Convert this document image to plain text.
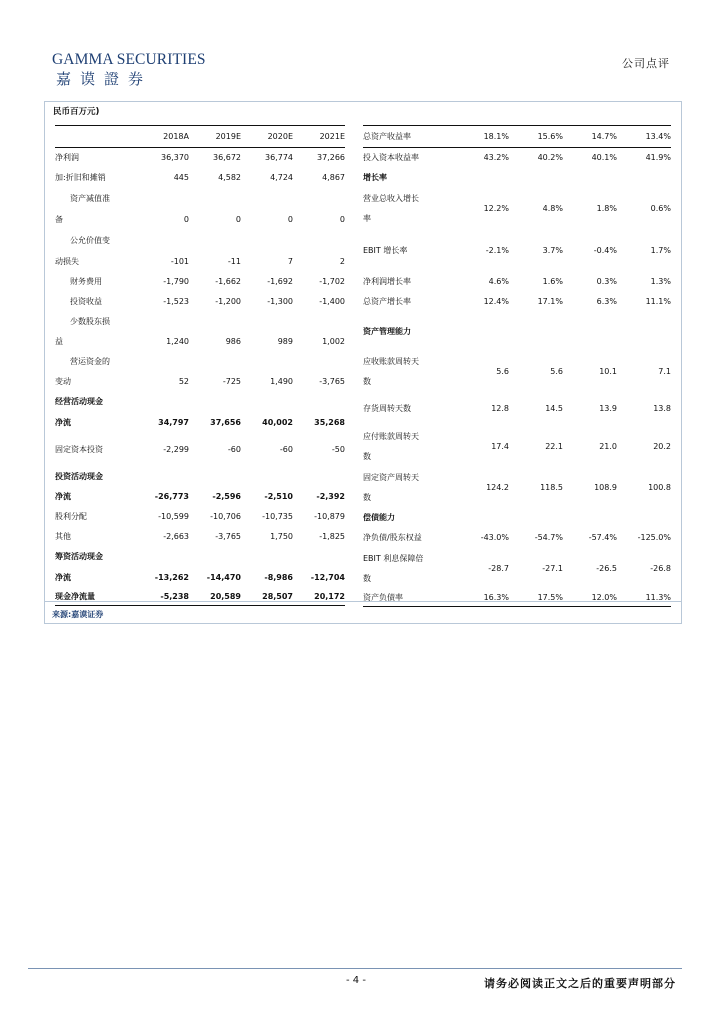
GAMMA SECURITIES
嘉谟證券
公司点评
民币百万元)
	2018A	2019E	2020E	2021E
净利润	36,370	36,672	36,774	37,266
加:折旧和摊销	445	4,582	4,724	4,867
资产减值准				
备	0	0	0	0
公允价值变				
动损失	-101	-11	7	2
财务费用	-1,790	-1,662	-1,692	-1,702
投资收益	-1,523	-1,200	-1,300	-1,400
少数股东损				
益	1,240	986	989	1,002
营运资金的				
变动	52	-725	1,490	-3,765
经营活动现金				
净流	34,797	37,656	40,002	35,268
固定资本投资	-2,299	-60	-60	-50
投资活动现金				
净流	-26,773	-2,596	-2,510	-2,392
股利分配	-10,599	-10,706	-10,735	-10,879
其他	-2,663	-3,765	1,750	-1,825
筹资活动现金				
净流	-13,262	-14,470	-8,986	-12,704
现金净流量	-5,238	20,589	28,507	20,172
总资产收益率	18.1%	15.6%	14.7%	13.4%
投入资本收益率	43.2%	40.2%	40.1%	41.9%
增长率				
营业总收入增长

率	12.2%	4.8%	1.8%	0.6%
EBIT 增长率	-2.1%	3.7%	-0.4%	1.7%
净利润增长率	4.6%	1.6%	0.3%	1.3%
总资产增长率	12.4%	17.1%	6.3%	11.1%
资产管理能力				
应收账款周转天

数	5.6	5.6	10.1	7.1
存货周转天数	12.8	14.5	13.9	13.8
应付账款周转天

数	17.4	22.1	21.0	20.2
固定资产周转天

数	124.2	118.5	108.9	100.8
偿债能力				
净负债/股东权益	-43.0%	-54.7%	-57.4%	-125.0%
EBIT 利息保障倍

数	-28.7	-27.1	-26.5	-26.8
资产负债率	16.3%	17.5%	12.0%	11.3%
来源:嘉谟证券
- 4 -	请务必阅读正文之后的重要声明部分
